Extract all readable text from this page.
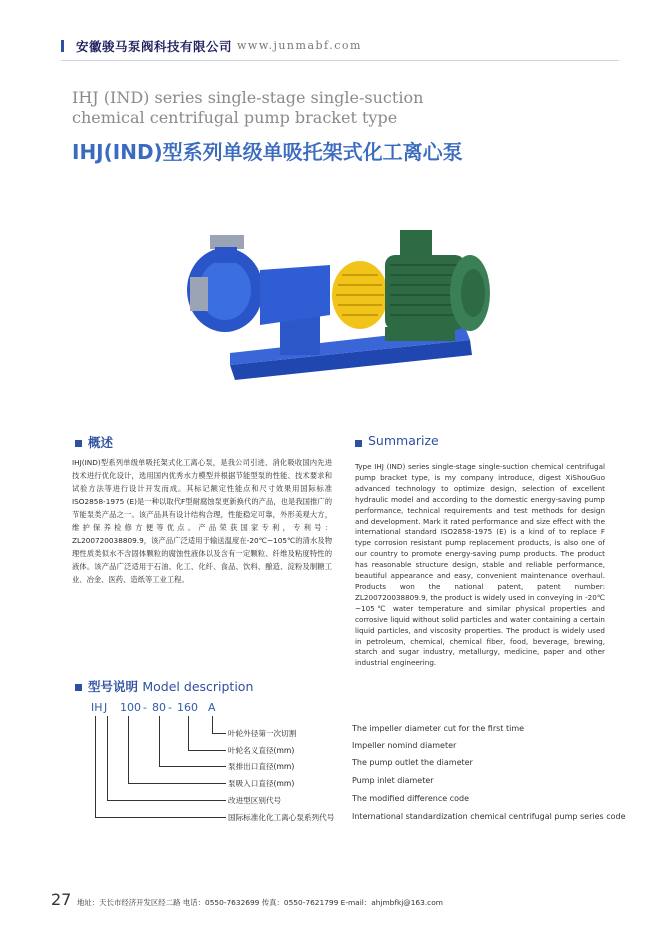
安徽骏马泵阀科技有限公司 www.junmabf.com
IHJ (IND) series single-stage single-suction
chemical centrifugal pump bracket type
IHJ(IND)型系列单级单吸托架式化工离心泵
概述
IHJ(IND)型系列单级单吸托架式化工离心泵，是我公司引进、消化吸收国内先进技术进行优化设计，选用国内优秀水力模型并根据节能型泵的性能、技术要求和试验方法等进行设计开发而成。其标记额定性能点和尺寸效果用国际标准ISO2858-1975 (E)是一种以取代F型耐腐蚀泵更新换代的产品，也是我国推广的节能泵类产品之一。该产品具有设计结构合理，性能稳定可靠，外形美观大方，维护保养检修方便等优点。产品荣获国家专利，专利号：ZL200720038809.9，该产品广泛适用于输送温度在-20℃~105℃的清水及物理性质类似水不含固体颗粒的腐蚀性液体以及含有一定颗粒、纤维及粘度特性的液体。该产品广泛适用于石油、化工、化纤、食品、饮料、酿造、淀粉及制糖工业、冶金、医药、造纸等工业工程。
Summarize
Type IHJ (IND) series single-stage single-suction chemical centrifugal pump bracket type, is my company introduce, digest XiShouGuo advanced technology to optimize design, selection of excellent hydraulic model and according to the domestic energy-saving pump performance, technical requirements and test methods for design and development. Mark it rated performance and size effect with the international standard ISO2858-1975 (E) is a kind of to replace F type corrosion resistant pump replacement products, is also one of our country to promote energy-saving pump products. The product has reasonable structure design, stable and reliable performance, beautiful appearance and easy, convenient maintenance overhaul. Products won the national patent, patent number: ZL200720038809.9, the product is widely used in conveying in -20℃ ~105℃ water temperature and similar physical properties and corrosive liquid without solid particles and water containing a certain liquid particles, and viscosity properties. The product is widely used in petroleum, chemical, chemical fiber, food, beverage, brewing, starch and sugar industry, metallurgy, medicine, paper and other industrial engineering.
型号说明 Model description
IH J 100 - 80 - 160 A
叶轮外径第一次切割
叶轮名义直径(mm)
泵排出口直径(mm)
泵吸入口直径(mm)
改进型区别代号
国际标准化化工离心泵系列代号
The impeller diameter cut for the first time
Impeller nomind diameter
The pump outlet the diameter
Pump inlet diameter
The modified difference code
International standardization chemical centrifugal pump series code
27 地址：天长市经济开发区经二路 电话：0550-7632699 传真：0550-7621799 E-mail：ahjmbfkj@163.com
